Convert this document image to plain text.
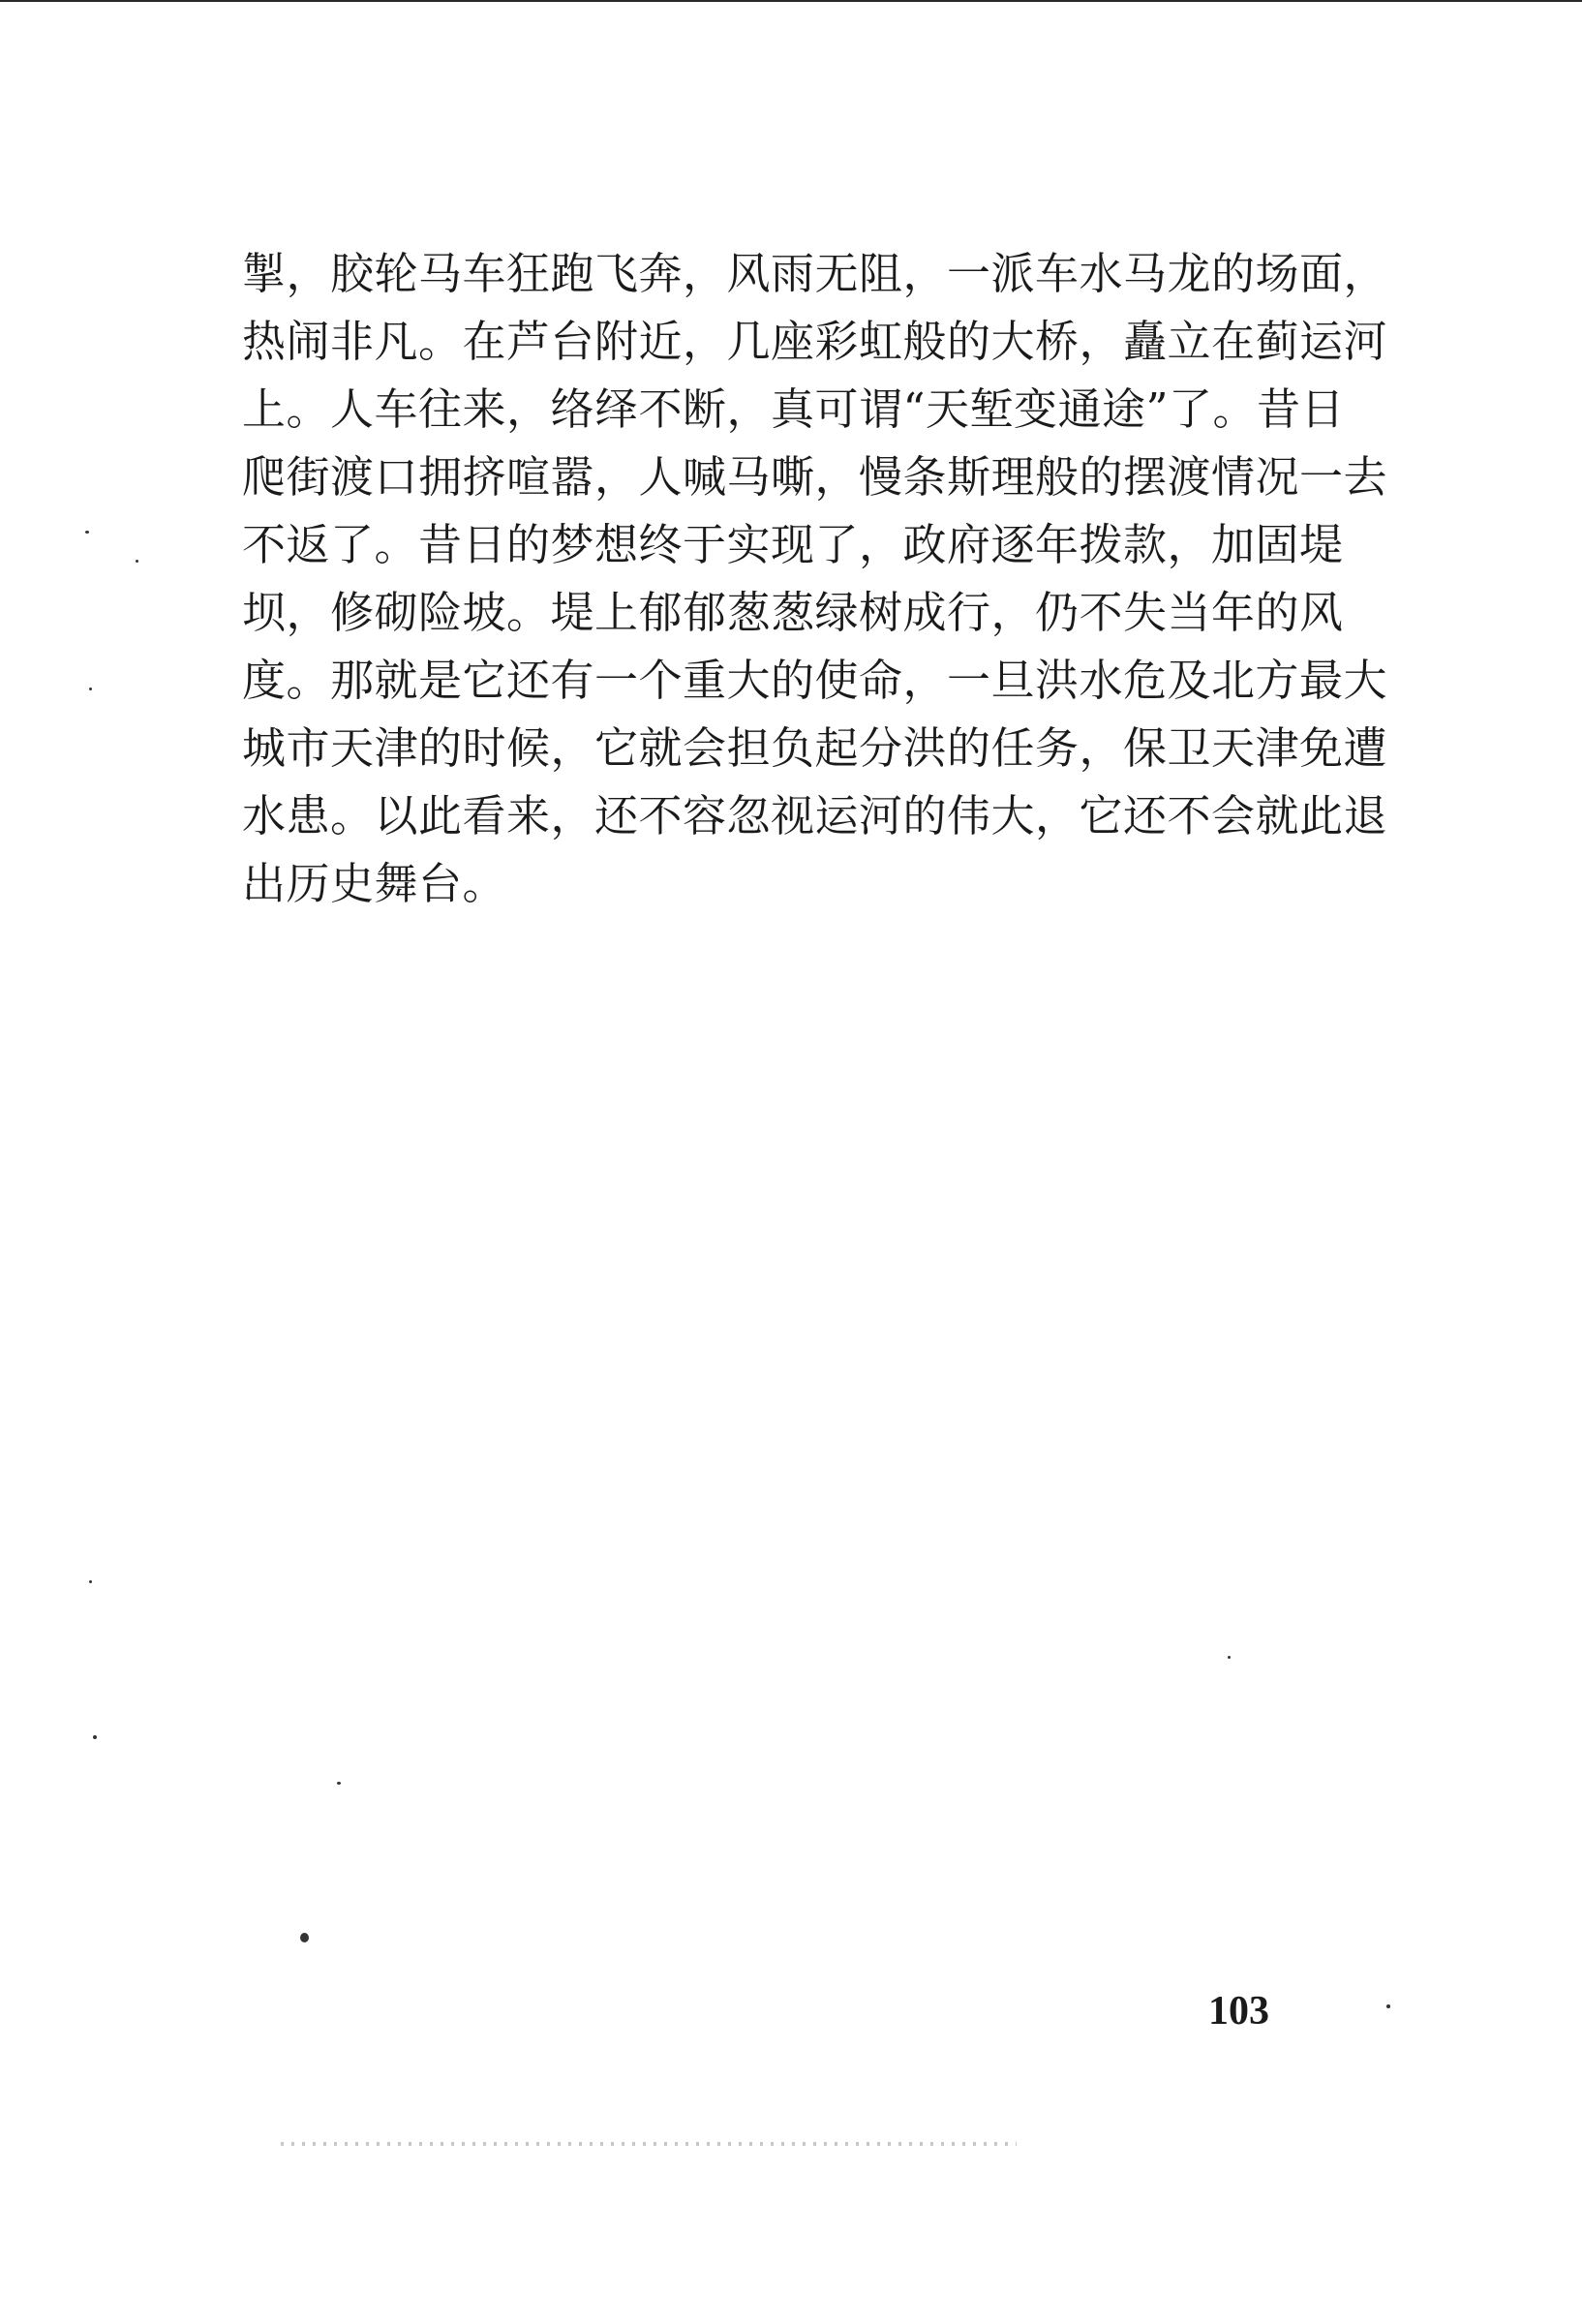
掣，胶轮马车狂跑飞奔，风雨无阻，一派车水马龙的场面，
热闹非凡。在芦台附近，几座彩虹般的大桥，矗立在蓟运河
上。人车往来，络绎不断，真可谓“天堑变通途”了。昔日
爬街渡口拥挤喧嚣，人喊马嘶，慢条斯理般的摆渡情况一去
不返了。昔日的梦想终于实现了，政府逐年拨款，加固堤
坝，修砌险坡。堤上郁郁葱葱绿树成行，仍不失当年的风
度。那就是它还有一个重大的使命，一旦洪水危及北方最大
城市天津的时候，它就会担负起分洪的任务，保卫天津免遭
水患。以此看来，还不容忽视运河的伟大，它还不会就此退
出历史舞台。
103
